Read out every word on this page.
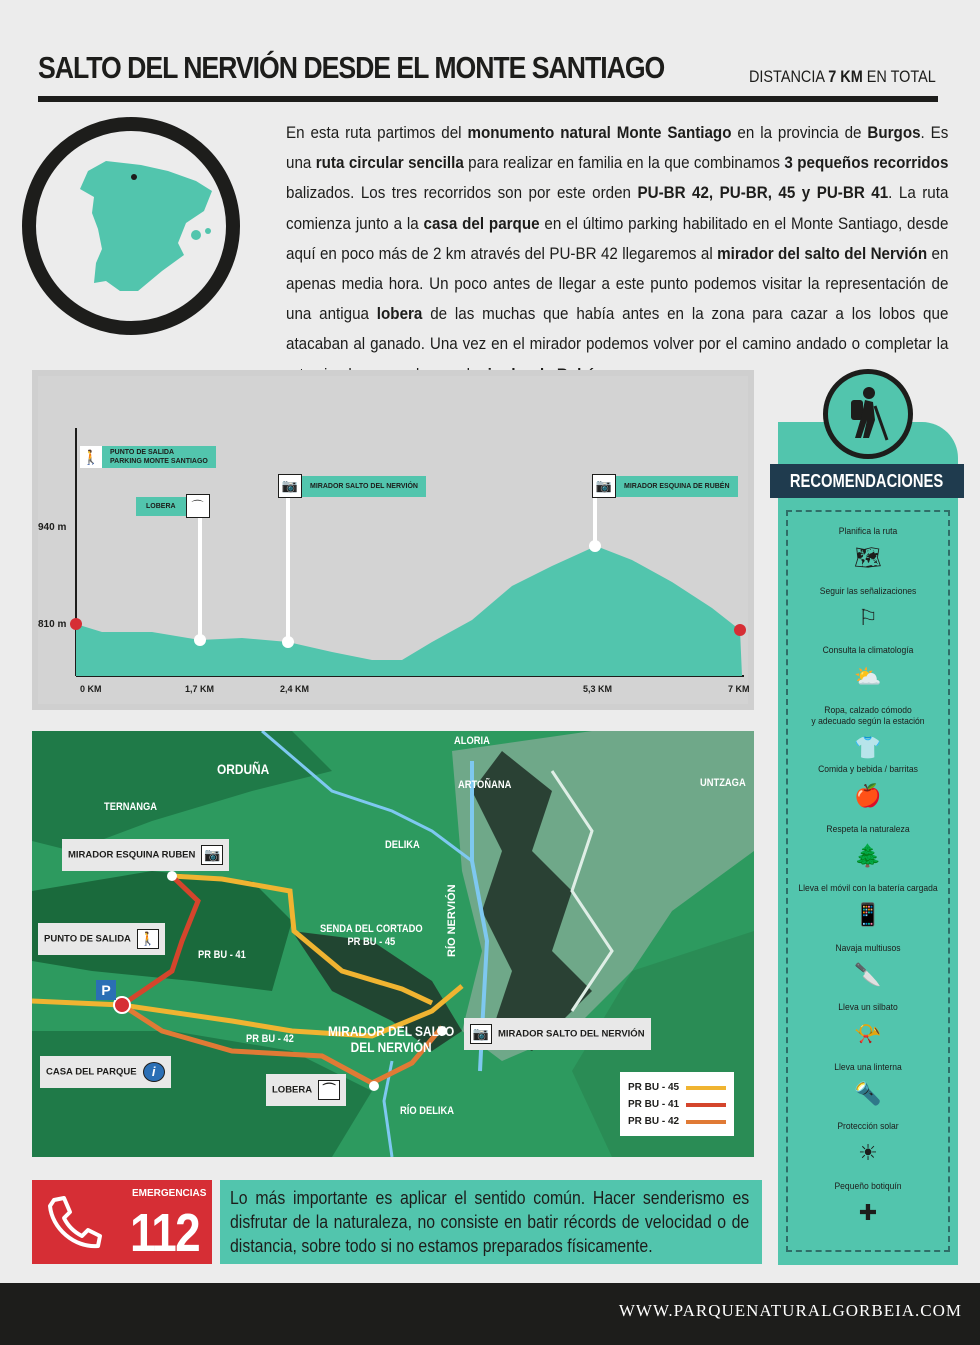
SALTO DEL NERVIÓN DESDE EL MONTE SANTIAGO	DISTANCIA 7 KM EN TOTAL
En esta ruta partimos del monumento natural Monte Santiago en la provincia de Burgos. Es una ruta circular sencilla para realizar en familia en la que combinamos 3 pequeños recorridos balizados. Los tres recorridos son por este orden PU-BR 42, PU-BR, 45 y PU-BR 41. La ruta comienza junto a la casa del parque en el último parking habilitado en el Monte Santiago, desde aquí en poco más de 2 km através del PU-BR 42 llegaremos al mirador del salto del Nervión en apenas media hora. Un poco antes de llegar a este punto podemos visitar la representación de una antigua lobera de las muchas que había antes en la zona para cazar a los lobos que atacaban al ganado. Una vez en el mirador podemos volver por el camino andado o completar la
🚶	PUNTO DE SALIDA
PARKING MONTE SANTIAGO
LOBERA	⌒
📷	MIRADOR SALTO DEL NERVIÓN	📷	MIRADOR ESQUINA DE RUBÉN
940 m
810 m
0 KM	1,7 KM	2,4 KM	5,3 KM	7 KM
ORDUÑA
TERNANGA
ALORIA
ARTOÑANA	UNTZAGA
DELIKA
RÍO NERVIÓN
RÍO DELIKA
SENDA DEL CORTADO
PR BU - 45
PR BU - 41
PR BU - 42 MIRADOR DEL SALTO
DEL NERVIÓN
MIRADOR ESQUINA RUBEN 📷
PUNTO DE SALIDA 🚶
CASA DEL PARQUE i
LOBERA ⌒
📷 MIRADOR SALTO DEL NERVIÓN
P
PR BU - 45
PR BU - 41
PR BU - 42
RECOMENDACIONES
Planifica la ruta
🗺
Seguir las señalizaciones
⚐
Consulta la climatología
⛅
Ropa, calzado cómodo
y adecuado según la estación
👕
Comida y bebida / barritas
🍎
Respeta la naturaleza
🌲
Lleva el móvil con la batería cargada
📱
Navaja multiusos
🔪
Lleva un silbato
📯
Lleva una linterna
🔦
Protección solar
☀
Pequeño botiquín
✚
EMERGENCIAS
112
Lo más importante es aplicar el sentido común. Hacer senderismo es disfrutar de la naturaleza, no consiste en batir récords de velocidad o de distancia, sobre todo si no estamos preparados físicamente.
WWW.PARQUENATURALGORBEIA.COM
